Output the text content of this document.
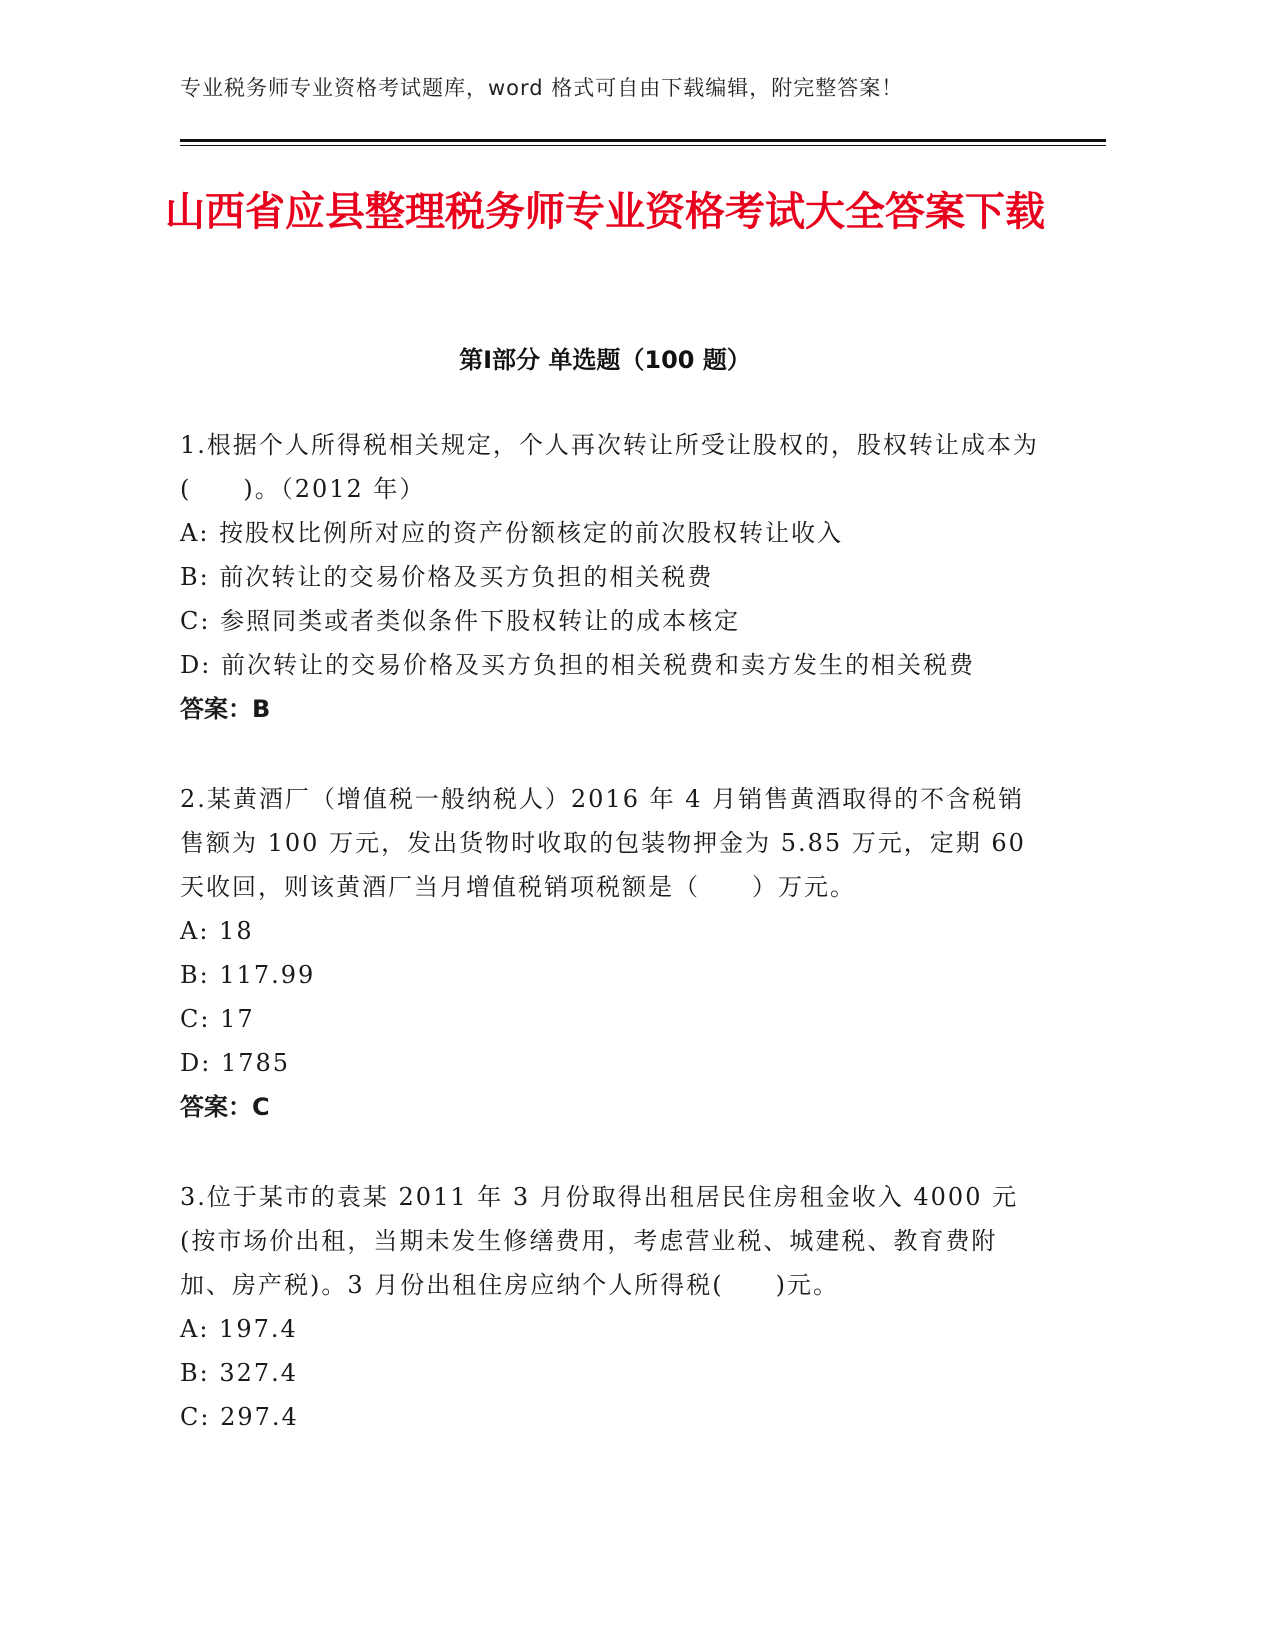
专业税务师专业资格考试题库，word 格式可自由下载编辑，附完整答案！
山西省应县整理税务师专业资格考试大全答案下载
第Ⅰ部分 单选题（100 题）

1.根据个人所得税相关规定，个人再次转让所受让股权的，股权转让成本为(　　)。（2012 年）

A: 按股权比例所对应的资产份额核定的前次股权转让收入

B: 前次转让的交易价格及买方负担的相关税费

C: 参照同类或者类似条件下股权转让的成本核定

D: 前次转让的交易价格及买方负担的相关税费和卖方发生的相关税费

答案：B

2.某黄酒厂（增值税一般纳税人）2016 年 4 月销售黄酒取得的不含税销售额为 100 万元，发出货物时收取的包装物押金为 5.85 万元，定期 60 天收回，则该黄酒厂当月增值税销项税额是（　　）万元。

A: 18

B: 117.99

C: 17

D: 1785

答案：C

3.位于某市的袁某 2011 年 3 月份取得出租居民住房租金收入 4000 元(按市场价出租，当期未发生修缮费用，考虑营业税、城建税、教育费附加、房产税)。3 月份出租住房应纳个人所得税(　　)元。

A: 197.4

B: 327.4

C: 297.4
